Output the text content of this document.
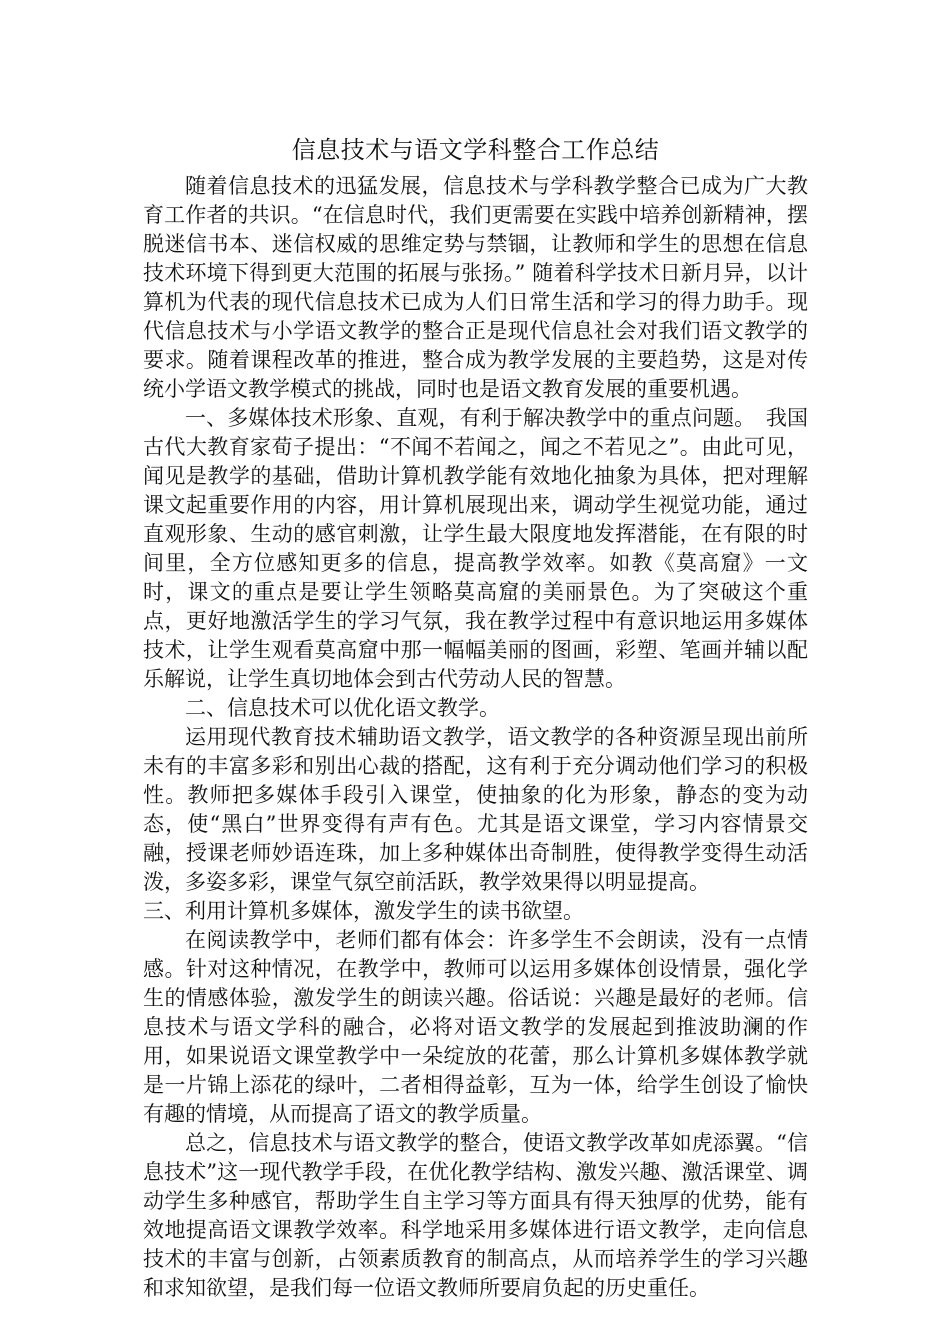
信息技术与语文学科整合工作总结

随着信息技术的迅猛发展，信息技术与学科教学整合已成为广大教育工作者的共识。“在信息时代，我们更需要在实践中培养创新精神，摆脱迷信书本、迷信权威的思维定势与禁锢，让教师和学生的思想在信息技术环境下得到更大范围的拓展与张扬。” 随着科学技术日新月异，以计算机为代表的现代信息技术已成为人们日常生活和学习的得力助手。现代信息技术与小学语文教学的整合正是现代信息社会对我们语文教学的要求。随着课程改革的推进，整合成为教学发展的主要趋势，这是对传统小学语文教学模式的挑战，同时也是语文教育发展的重要机遇。

一、多媒体技术形象、直观，有利于解决教学中的重点问题。　我国古代大教育家荀子提出：“不闻不若闻之，闻之不若见之”。由此可见，闻见是教学的基础，借助计算机教学能有效地化抽象为具体，把对理解课文起重要作用的内容，用计算机展现出来，调动学生视觉功能，通过直观形象、生动的感官刺激，让学生最大限度地发挥潜能，在有限的时间里，全方位感知更多的信息，提高教学效率。如教《莫高窟》一文时，课文的重点是要让学生领略莫高窟的美丽景色。为了突破这个重点，更好地激活学生的学习气氛，我在教学过程中有意识地运用多媒体技术，让学生观看莫高窟中那一幅幅美丽的图画，彩塑、笔画并辅以配乐解说，让学生真切地体会到古代劳动人民的智慧。

二、信息技术可以优化语文教学。

运用现代教育技术辅助语文教学，语文教学的各种资源呈现出前所未有的丰富多彩和别出心裁的搭配，这有利于充分调动他们学习的积极性。教师把多媒体手段引入课堂，使抽象的化为形象，静态的变为动态，使“黑白”世界变得有声有色。尤其是语文课堂，学习内容情景交融，授课老师妙语连珠，加上多种媒体出奇制胜，使得教学变得生动活泼，多姿多彩，课堂气氛空前活跃，教学效果得以明显提高。

三、利用计算机多媒体，激发学生的读书欲望。

在阅读教学中，老师们都有体会：许多学生不会朗读，没有一点情感。针对这种情况，在教学中，教师可以运用多媒体创设情景，强化学生的情感体验，激发学生的朗读兴趣。俗话说：兴趣是最好的老师。信息技术与语文学科的融合，必将对语文教学的发展起到推波助澜的作用，如果说语文课堂教学中一朵绽放的花蕾，那么计算机多媒体教学就是一片锦上添花的绿叶，二者相得益彰，互为一体，给学生创设了愉快有趣的情境，从而提高了语文的教学质量。

总之，信息技术与语文教学的整合，使语文教学改革如虎添翼。“信息技术”这一现代教学手段，在优化教学结构、激发兴趣、激活课堂、调动学生多种感官，帮助学生自主学习等方面具有得天独厚的优势，能有效地提高语文课教学效率。科学地采用多媒体进行语文教学，走向信息技术的丰富与创新，占领素质教育的制高点，从而培养学生的学习兴趣和求知欲望，是我们每一位语文教师所要肩负起的历史重任。
